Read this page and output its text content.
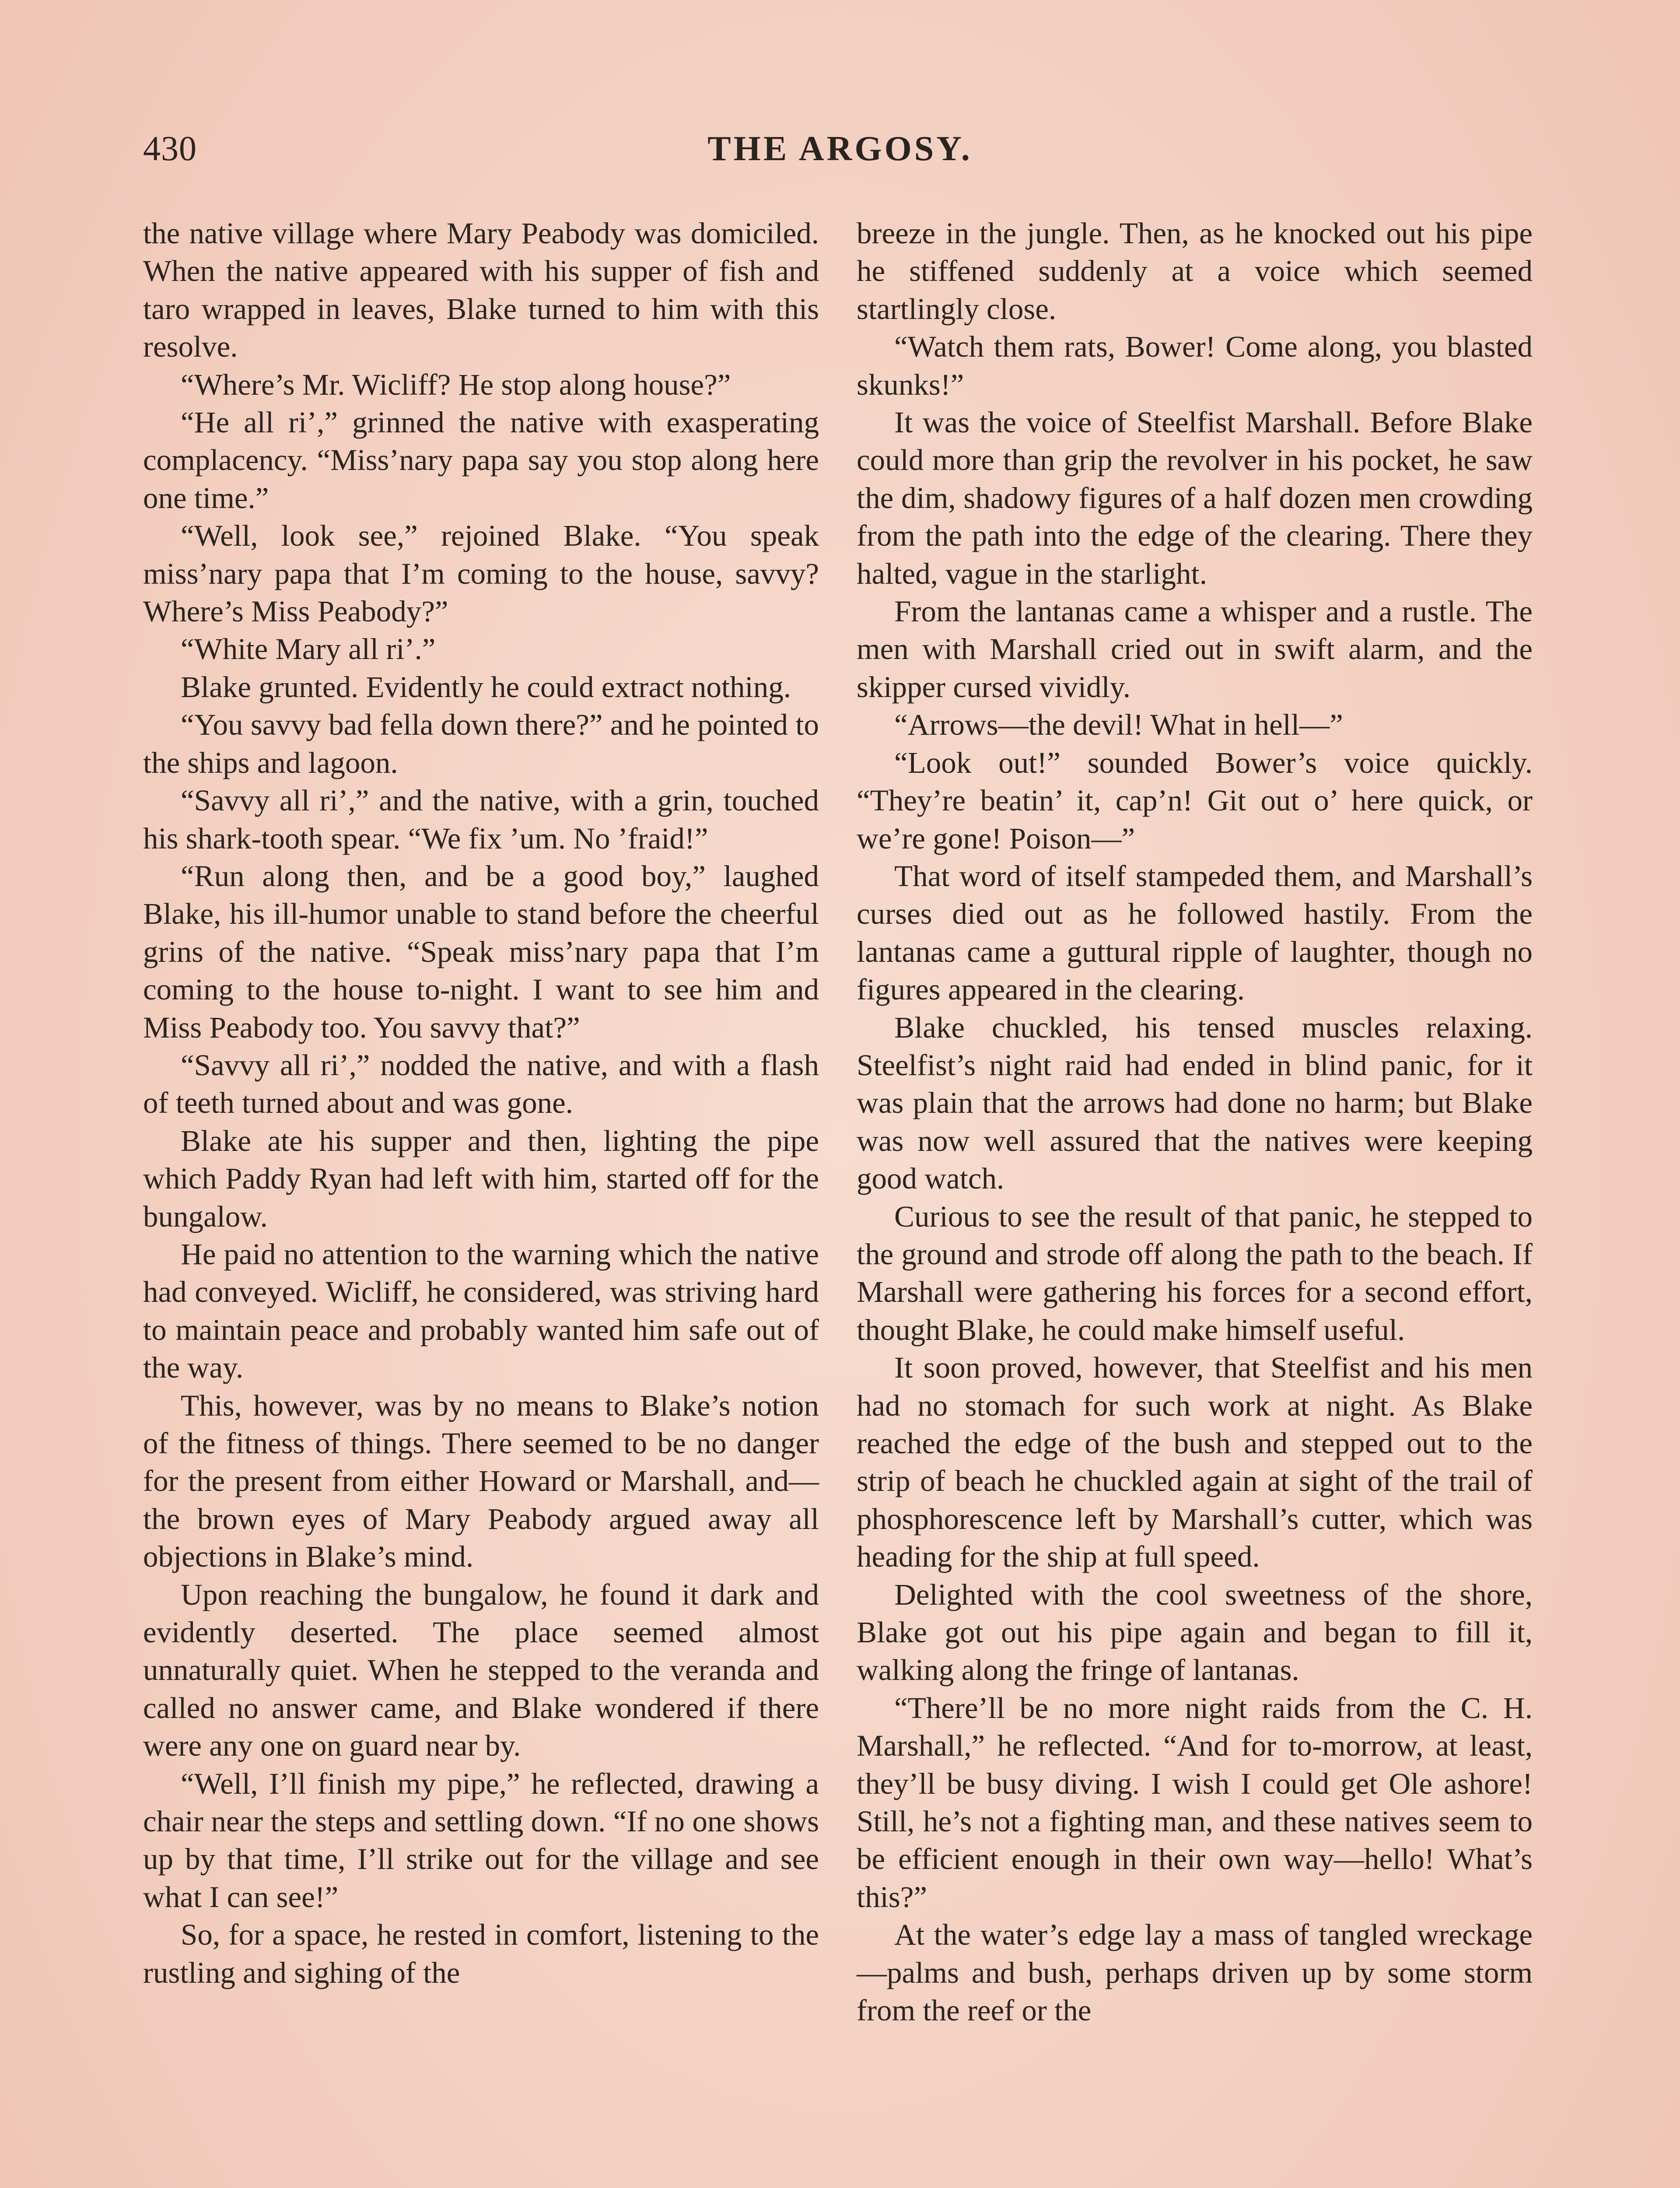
430	THE ARGOSY.

the native village where Mary Peabody was domiciled. When the native appeared with his supper of fish and taro wrapped in leaves, Blake turned to him with this resolve.

“Where’s Mr. Wicliff? He stop along house?”

“He all ri’,” grinned the native with exasperating complacency. “Miss’nary papa say you stop along here one time.”

“Well, look see,” rejoined Blake. “You speak miss’nary papa that I’m coming to the house, savvy? Where’s Miss Peabody?”

“White Mary all ri’.”

Blake grunted. Evidently he could extract nothing.

“You savvy bad fella down there?” and he pointed to the ships and lagoon.

“Savvy all ri’,” and the native, with a grin, touched his shark-tooth spear. “We fix ’um. No ’fraid!”

“Run along then, and be a good boy,” laughed Blake, his ill-humor unable to stand before the cheerful grins of the native. “Speak miss’nary papa that I’m coming to the house to-night. I want to see him and Miss Peabody too. You savvy that?”

“Savvy all ri’,” nodded the native, and with a flash of teeth turned about and was gone.

Blake ate his supper and then, lighting the pipe which Paddy Ryan had left with him, started off for the bungalow.

He paid no attention to the warning which the native had conveyed. Wicliff, he considered, was striving hard to maintain peace and probably wanted him safe out of the way.

This, however, was by no means to Blake’s notion of the fitness of things. There seemed to be no danger for the present from either Howard or Marshall, and—the brown eyes of Mary Peabody argued away all objections in Blake’s mind.

Upon reaching the bungalow, he found it dark and evidently deserted. The place seemed almost unnaturally quiet. When he stepped to the veranda and called no answer came, and Blake wondered if there were any one on guard near by.

“Well, I’ll finish my pipe,” he reflected, drawing a chair near the steps and settling down. “If no one shows up by that time, I’ll strike out for the village and see what I can see!”

So, for a space, he rested in comfort, listening to the rustling and sighing of the

breeze in the jungle. Then, as he knocked out his pipe he stiffened suddenly at a voice which seemed startlingly close.

“Watch them rats, Bower! Come along, you blasted skunks!”

It was the voice of Steelfist Marshall. Before Blake could more than grip the revolver in his pocket, he saw the dim, shadowy figures of a half dozen men crowding from the path into the edge of the clearing. There they halted, vague in the starlight.

From the lantanas came a whisper and a rustle. The men with Marshall cried out in swift alarm, and the skipper cursed vividly.

“Arrows—the devil! What in hell—”

“Look out!” sounded Bower’s voice quickly. “They’re beatin’ it, cap’n! Git out o’ here quick, or we’re gone! Poison—”

That word of itself stampeded them, and Marshall’s curses died out as he followed hastily. From the lantanas came a guttural ripple of laughter, though no figures appeared in the clearing.

Blake chuckled, his tensed muscles relaxing. Steelfist’s night raid had ended in blind panic, for it was plain that the arrows had done no harm; but Blake was now well assured that the natives were keeping good watch.

Curious to see the result of that panic, he stepped to the ground and strode off along the path to the beach. If Marshall were gathering his forces for a second effort, thought Blake, he could make himself useful.

It soon proved, however, that Steelfist and his men had no stomach for such work at night. As Blake reached the edge of the bush and stepped out to the strip of beach he chuckled again at sight of the trail of phosphorescence left by Marshall’s cutter, which was heading for the ship at full speed.

Delighted with the cool sweetness of the shore, Blake got out his pipe again and began to fill it, walking along the fringe of lantanas.

“There’ll be no more night raids from the C. H. Marshall,” he reflected. “And for to-morrow, at least, they’ll be busy diving. I wish I could get Ole ashore! Still, he’s not a fighting man, and these natives seem to be efficient enough in their own way—hello! What’s this?”

At the water’s edge lay a mass of tangled wreckage—palms and bush, perhaps driven up by some storm from the reef or the
